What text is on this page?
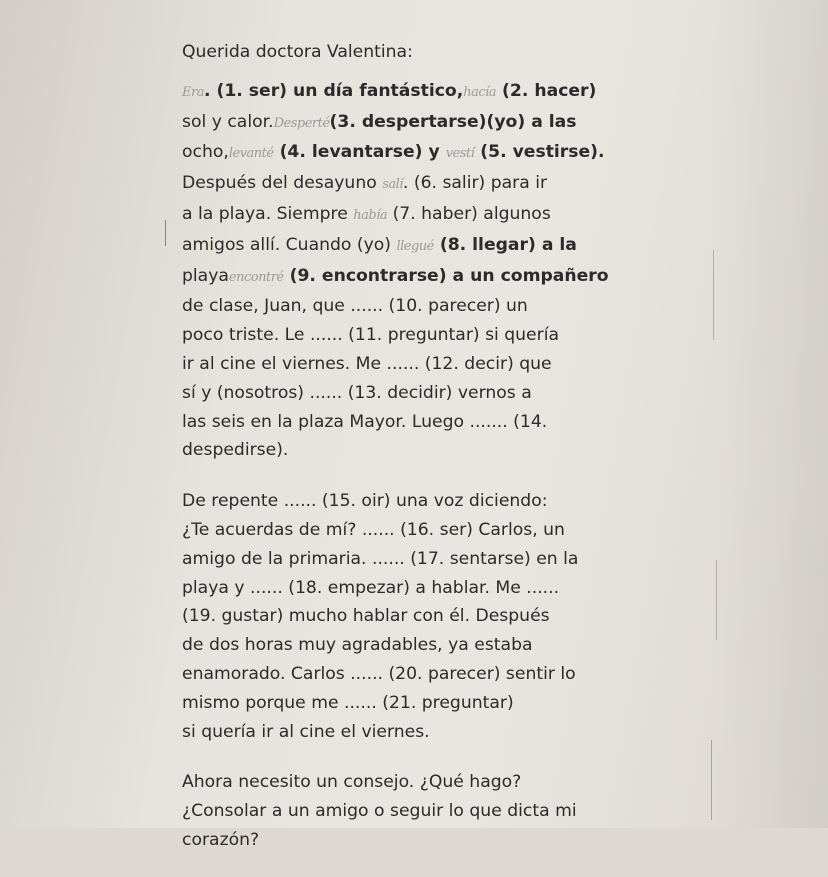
Querida doctora Valentina:

Era. (1. ser) un día fantástico,hacía (2. hacer)
sol y calor.Desperté(3. despertarse)(yo) a las
ocho,levanté (4. levantarse) y vestí (5. vestirse).
Después del desayuno salí. (6. salir) para ir
a la playa. Siempre había (7. haber) algunos
amigos allí. Cuando (yo) llegué (8. llegar) a la
playaencontré (9. encontrarse) a un compañero
de clase, Juan, que ...... (10. parecer) un
poco triste. Le ...... (11. preguntar) si quería
ir al cine el viernes. Me ...... (12. decir) que
sí y (nosotros) ...... (13. decidir) vernos a
las seis en la plaza Mayor. Luego ....... (14.
despedirse).

De repente ...... (15. oir) una voz diciendo:
¿Te acuerdas de mí? ...... (16. ser) Carlos, un
amigo de la primaria. ...... (17. sentarse) en la
playa y ...... (18. empezar) a hablar. Me ......
(19. gustar) mucho hablar con él. Después
de dos horas muy agradables, ya estaba
enamorado. Carlos ...... (20. parecer) sentir lo
mismo porque me ...... (21. preguntar)
si quería ir al cine el viernes.

Ahora necesito un consejo. ¿Qué hago?
¿Consolar a un amigo o seguir lo que dicta mi
corazón?
